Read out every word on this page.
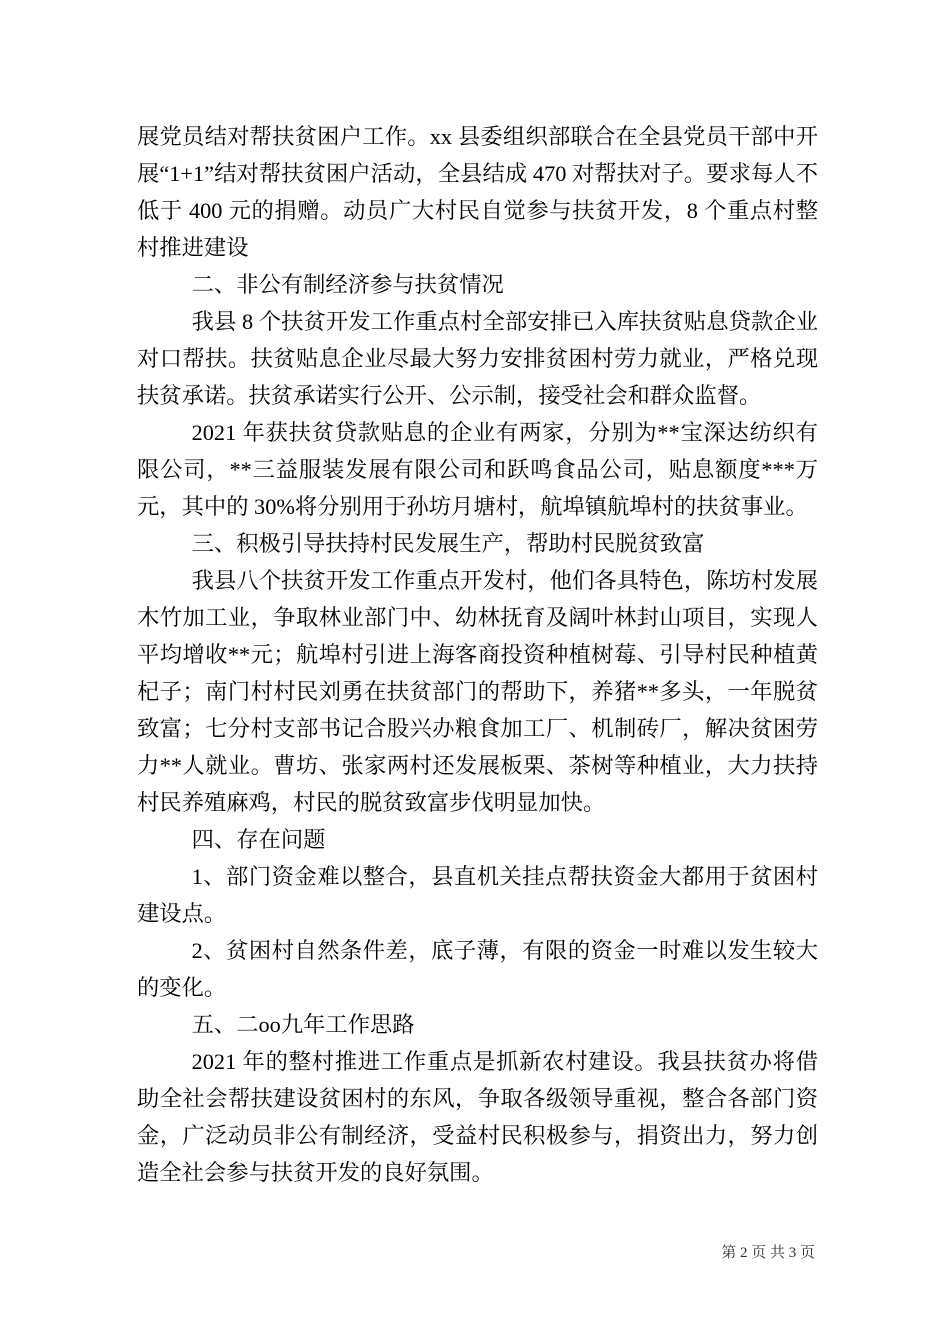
展党员结对帮扶贫困户工作。xx 县委组织部联合在全县党员干部中开展“1+1”结对帮扶贫困户活动，全县结成 470 对帮扶对子。要求每人不低于 400 元的捐赠。动员广大村民自觉参与扶贫开发，8 个重点村整村推进建设

二、非公有制经济参与扶贫情况

我县 8 个扶贫开发工作重点村全部安排已入库扶贫贴息贷款企业对口帮扶。扶贫贴息企业尽最大努力安排贫困村劳力就业，严格兑现扶贫承诺。扶贫承诺实行公开、公示制，接受社会和群众监督。

2021 年获扶贫贷款贴息的企业有两家，分别为**宝深达纺织有限公司，**三益服装发展有限公司和跃鸣食品公司，贴息额度***万元，其中的 30%将分别用于孙坊月塘村，航埠镇航埠村的扶贫事业。

三、积极引导扶持村民发展生产，帮助村民脱贫致富

我县八个扶贫开发工作重点开发村，他们各具特色，陈坊村发展木竹加工业，争取林业部门中、幼林抚育及阔叶林封山项目，实现人平均增收**元；航埠村引进上海客商投资种植树莓、引导村民种植黄杞子；南门村村民刘勇在扶贫部门的帮助下，养猪**多头，一年脱贫致富；七分村支部书记合股兴办粮食加工厂、机制砖厂，解决贫困劳力**人就业。曹坊、张家两村还发展板栗、茶树等种植业，大力扶持村民养殖麻鸡，村民的脱贫致富步伐明显加快。

四、存在问题

1、部门资金难以整合，县直机关挂点帮扶资金大都用于贫困村建设点。

2、贫困村自然条件差，底子薄，有限的资金一时难以发生较大的变化。

五、二oo九年工作思路

2021 年的整村推进工作重点是抓新农村建设。我县扶贫办将借助全社会帮扶建设贫困村的东风，争取各级领导重视，整合各部门资金，广泛动员非公有制经济，受益村民积极参与，捐资出力，努力创造全社会参与扶贫开发的良好氛围。

第 2 页 共 3 页
